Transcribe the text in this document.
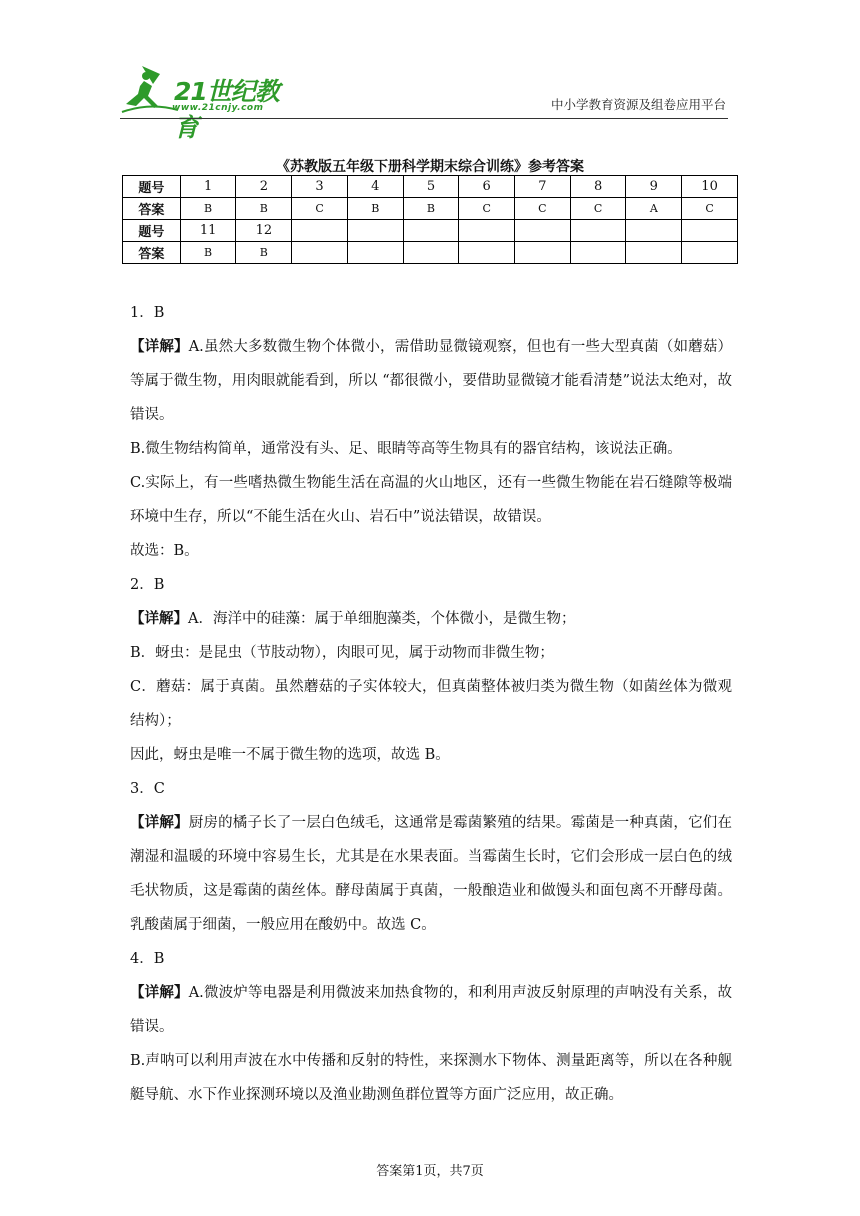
21世纪教育
www.21cnjy.com	中小学教育资源及组卷应用平台
《苏教版五年级下册科学期末综合训练》参考答案
题号	1	2	3	4	5	6	7	8	9	10
答案	B	B	C	B	B	C	C	C	A	C
题号	11	12								
答案	B	B								

1．B

【详解】A.虽然大多数微生物个体微小，需借助显微镜观察，但也有一些大型真菌（如蘑菇）等属于微生物，用肉眼就能看到，所以 “都很微小，要借助显微镜才能看清楚”说法太绝对，故错误。

B.微生物结构简单，通常没有头、足、眼睛等高等生物具有的器官结构，该说法正确。

C.实际上，有一些嗜热微生物能生活在高温的火山地区，还有一些微生物能在岩石缝隙等极端环境中生存，所以“不能生活在火山、岩石中”说法错误，故错误。

故选：B。

2．B

【详解】A．海洋中的硅藻：属于单细胞藻类，个体微小，是微生物；

B．蚜虫：是昆虫（节肢动物），肉眼可见，属于动物而非微生物；

C．蘑菇：属于真菌。虽然蘑菇的子实体较大，但真菌整体被归类为微生物（如菌丝体为微观结构）；

因此，蚜虫是唯一不属于微生物的选项，故选 B。

3．C

【详解】厨房的橘子长了一层白色绒毛，这通常是霉菌繁殖的结果。霉菌是一种真菌，它们在潮湿和温暖的环境中容易生长，尤其是在水果表面。当霉菌生长时，它们会形成一层白色的绒毛状物质，这是霉菌的菌丝体。酵母菌属于真菌，一般酿造业和做馒头和面包离不开酵母菌。乳酸菌属于细菌，一般应用在酸奶中。故选 C。

4．B

【详解】A.微波炉等电器是利用微波来加热食物的，和利用声波反射原理的声呐没有关系，故错误。

B.声呐可以利用声波在水中传播和反射的特性，来探测水下物体、测量距离等，所以在各种舰艇导航、水下作业探测环境以及渔业勘测鱼群位置等方面广泛应用，故正确。

答案第1页，共7页
